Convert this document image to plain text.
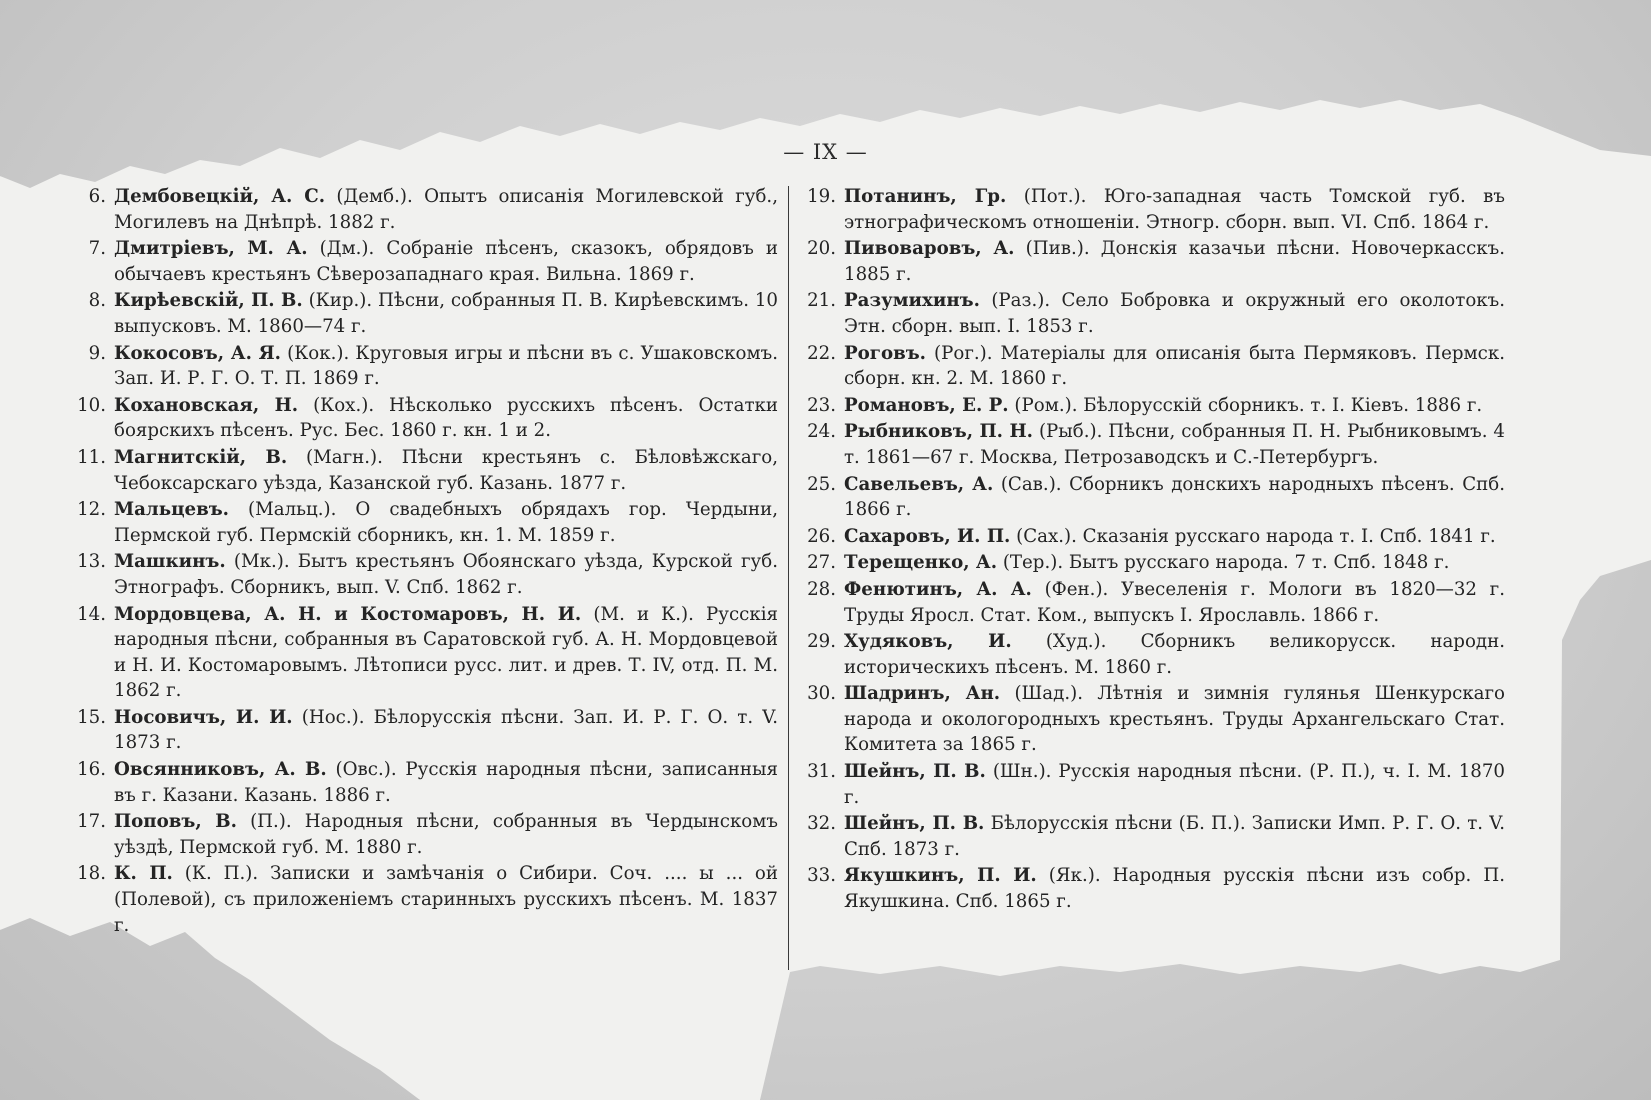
— IX —
6. Дембовецкій, А. С. (Демб.). Опытъ описанія Могилевской губ., Могилевъ на Днѣпрѣ. 1882 г.
7. Дмитріевъ, М. А. (Дм.). Собраніе пѣсенъ, сказокъ, обрядовъ и обычаевъ крестьянъ Сѣверозападнаго края. Вильна. 1869 г.
8. Кирѣевскій, П. В. (Кир.). Пѣсни, собранныя П. В. Кирѣевскимъ. 10 выпусковъ. М. 1860—74 г.
9. Кокосовъ, А. Я. (Кок.). Круговыя игры и пѣсни въ с. Ушаковскомъ. Зап. И. Р. Г. О. Т. П. 1869 г.
10. Кохановская, Н. (Кох.). Нѣсколько русскихъ пѣсенъ. Остатки боярскихъ пѣсенъ. Рус. Бес. 1860 г. кн. 1 и 2.
11. Магнитскій, В. (Магн.). Пѣсни крестьянъ с. Бѣловѣжскаго, Чебоксарскаго уѣзда, Казанской губ. Казань. 1877 г.
12. Мальцевъ. (Мальц.). О свадебныхъ обрядахъ гор. Чердыни, Пермской губ. Пермскій сборникъ, кн. 1. М. 1859 г.
13. Машкинъ. (Мк.). Бытъ крестьянъ Обоянскаго уѣзда, Курской губ. Этнографъ. Сборникъ, вып. V. Спб. 1862 г.
14. Мордовцева, А. Н. и Костомаровъ, Н. И. (М. и К.). Русскія народныя пѣсни, собранныя въ Саратовской губ. А. Н. Мордовцевой и Н. И. Костомаровымъ. Лѣтописи русс. лит. и древ. Т. IV, отд. П. М. 1862 г.
15. Носовичъ, И. И. (Нос.). Бѣлорусскія пѣсни. Зап. И. Р. Г. О. т. V. 1873 г.
16. Овсянниковъ, А. В. (Овс.). Русскія народныя пѣсни, записанныя въ г. Казани. Казань. 1886 г.
17. Поповъ, В. (П.). Народныя пѣсни, собранныя въ Чердынскомъ уѣздѣ, Пермской губ. М. 1880 г.
18. К. П. (К. П.). Записки и замѣчанія о Сибири. Соч. .... ы ... ой (Полевой), съ приложеніемъ старинныхъ русскихъ пѣсенъ. М. 1837 г.
19. Потанинъ, Гр. (Пот.). Юго-западная часть Томской губ. въ этнографическомъ отношеніи. Этногр. сборн. вып. VI. Спб. 1864 г.
20. Пивоваровъ, А. (Пив.). Донскія казачьи пѣсни. Новочеркасскъ. 1885 г.
21. Разумихинъ. (Раз.). Село Бобровка и окружный его околотокъ. Этн. сборн. вып. I. 1853 г.
22. Роговъ. (Рог.). Матеріалы для описанія быта Пермяковъ. Пермск. сборн. кн. 2. М. 1860 г.
23. Романовъ, Е. Р. (Ром.). Бѣлорусскій сборникъ. т. I. Кіевъ. 1886 г.
24. Рыбниковъ, П. Н. (Рыб.). Пѣсни, собранныя П. Н. Рыбниковымъ. 4 т. 1861—67 г. Москва, Петрозаводскъ и С.-Петербургъ.
25. Савельевъ, А. (Сав.). Сборникъ донскихъ народныхъ пѣсенъ. Спб. 1866 г.
26. Сахаровъ, И. П. (Сах.). Сказанія русскаго народа т. I. Спб. 1841 г.
27. Терещенко, А. (Тер.). Бытъ русскаго народа. 7 т. Спб. 1848 г.
28. Фенютинъ, А. А. (Фен.). Увеселенія г. Мологи въ 1820—32 г. Труды Яросл. Стат. Ком., выпускъ I. Ярославль. 1866 г.
29. Худяковъ, И. (Худ.). Сборникъ великорусск. народн. историческихъ пѣсенъ. М. 1860 г.
30. Шадринъ, Ан. (Шад.). Лѣтнія и зимнія гулянья Шенкурскаго народа и окологородныхъ крестьянъ. Труды Архангельскаго Стат. Комитета за 1865 г.
31. Шейнъ, П. В. (Шн.). Русскія народныя пѣсни. (Р. П.), ч. I. М. 1870 г.
32. Шейнъ, П. В. Бѣлорусскія пѣсни (Б. П.). Записки Имп. Р. Г. О. т. V. Спб. 1873 г.
33. Якушкинъ, П. И. (Як.). Народныя русскія пѣсни изъ собр. П. Якушкина. Спб. 1865 г.
